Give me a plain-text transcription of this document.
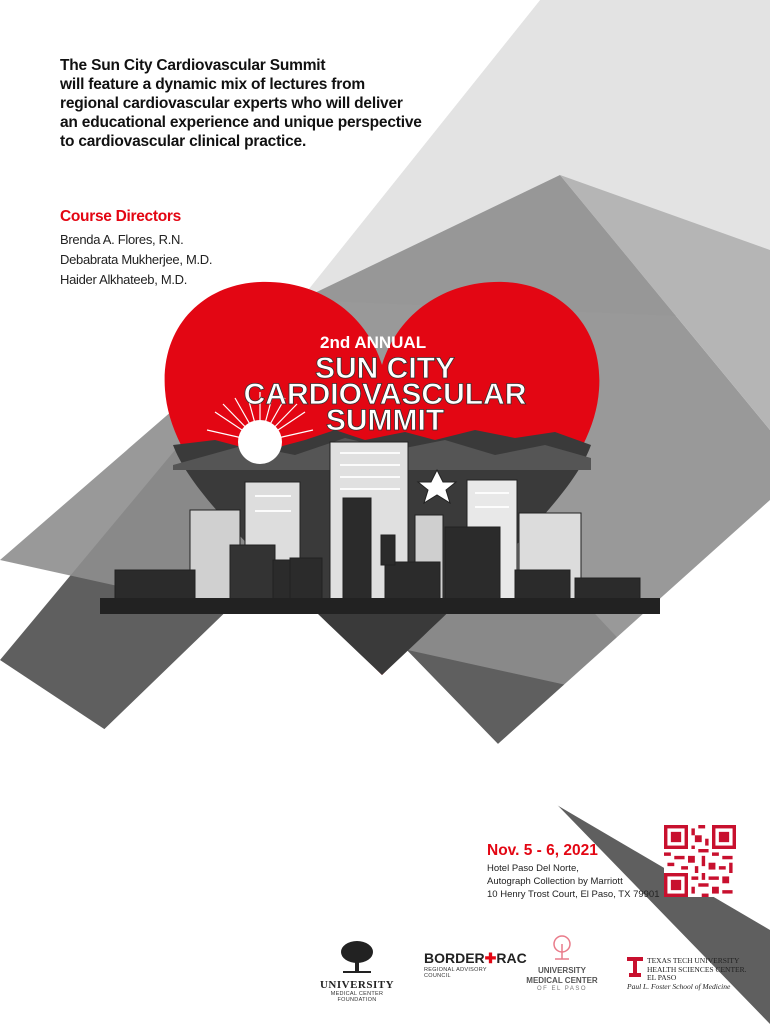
The Sun City Cardiovascular Summit
will feature a dynamic mix of lectures from
regional cardiovascular experts who will deliver
an educational experience and unique perspective
to cardiovascular clinical practice.

Course Directors
Brenda A. Flores, R.N.
Debabrata Mukherjee, M.D.
Haider Alkhateeb, M.D.
2nd ANNUAL
SUN CITY
CARDIOVASCULAR
SUMMIT
Nov. 5 - 6, 2021
Hotel Paso Del Norte,
Autograph Collection by Marriott
10 Henry Trost Court, El Paso, TX 79901
UNIVERSITY
MEDICAL CENTER FOUNDATION
BORDER✚RAC
REGIONAL ADVISORY COUNCIL
UNIVERSITY
MEDICAL CENTER
OF EL PASO
TEXAS TECH UNIVERSITY
HEALTH SCIENCES CENTER.
EL PASO
Paul L. Foster School of Medicine
